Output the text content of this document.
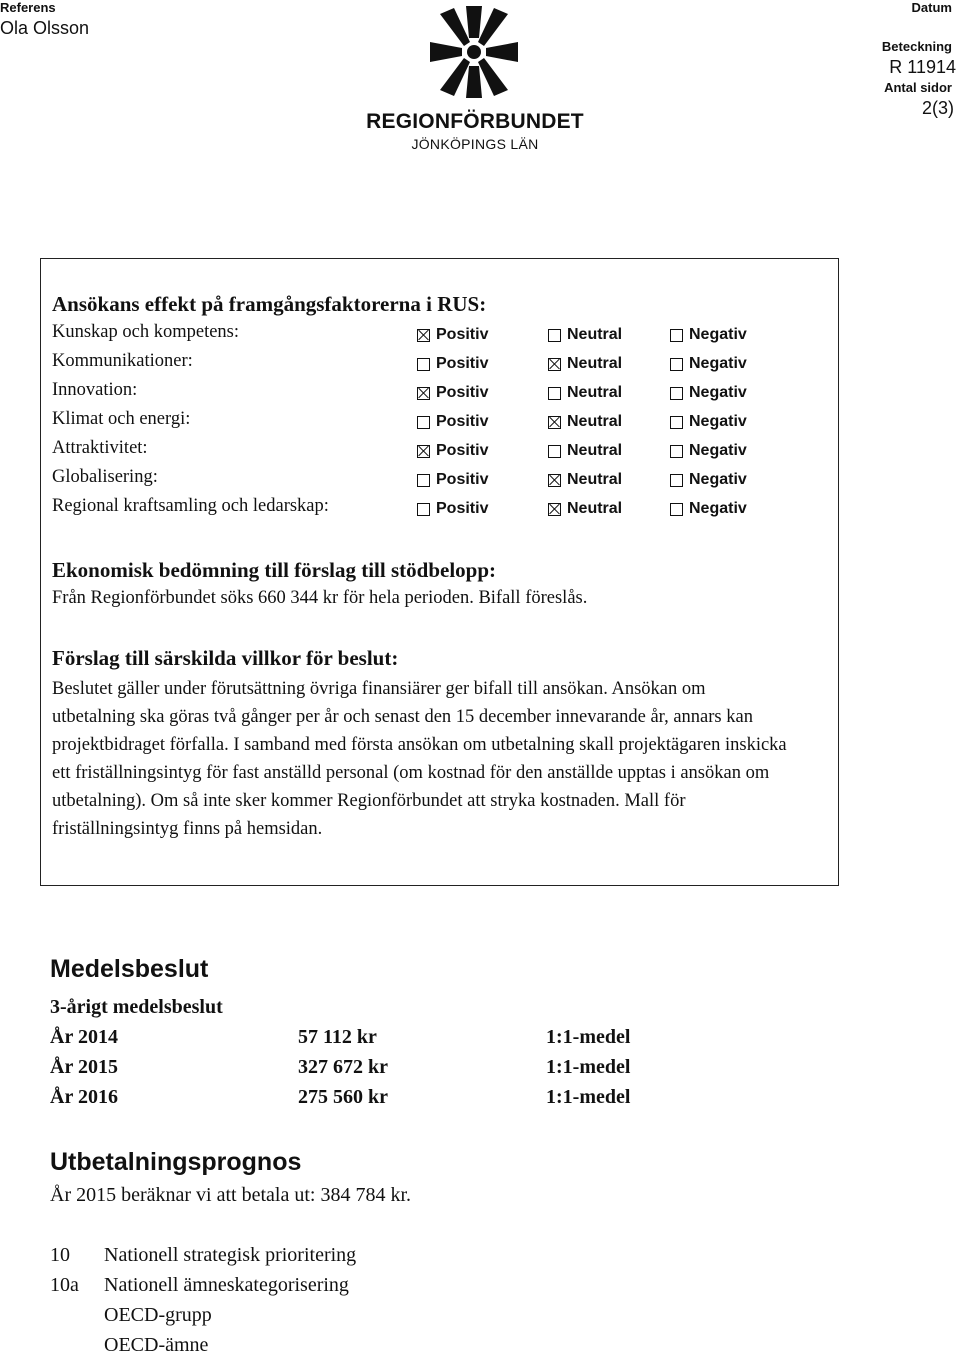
Referens
Ola Olsson
REGIONFÖRBUNDET
JÖNKÖPINGS LÄN
Datum
Beteckning
R 11914
Antal sidor
2(3)
Ansökans effekt på framgångsfaktorerna i RUS:
Kunskap och kompetens:	Positiv	Neutral	Negativ
Kommunikationer:	Positiv	Neutral	Negativ
Innovation:	Positiv	Neutral	Negativ
Klimat och energi:	Positiv	Neutral	Negativ
Attraktivitet:	Positiv	Neutral	Negativ
Globalisering:	Positiv	Neutral	Negativ
Regional kraftsamling och ledarskap:	Positiv	Neutral	Negativ
Ekonomisk bedömning till förslag till stödbelopp:
Från Regionförbundet söks 660 344 kr för hela perioden. Bifall föreslås.
Förslag till särskilda villkor för beslut:
Beslutet gäller under förutsättning övriga finansiärer ger bifall till ansökan. Ansökan om utbetalning ska göras två gånger per år och senast den 15 december innevarande år, annars kan projektbidraget förfalla. I samband med första ansökan om utbetalning skall projektägaren inskicka ett friställningsintyg för fast anställd personal (om kostnad för den anställde upptas i ansökan om utbetalning). Om så inte sker kommer Regionförbundet att stryka kostnaden. Mall för friställningsintyg finns på hemsidan.
Medelsbeslut
3-årigt medelsbeslut
År 2014	57 112 kr	1:1-medel
År 2015	327 672 kr	1:1-medel
År 2016	275 560 kr	1:1-medel
Utbetalningsprognos
År 2015 beräknar vi att betala ut: 384 784 kr.
10 Nationell strategisk prioritering
10a Nationell ämneskategorisering
OECD-grupp
OECD-ämne
